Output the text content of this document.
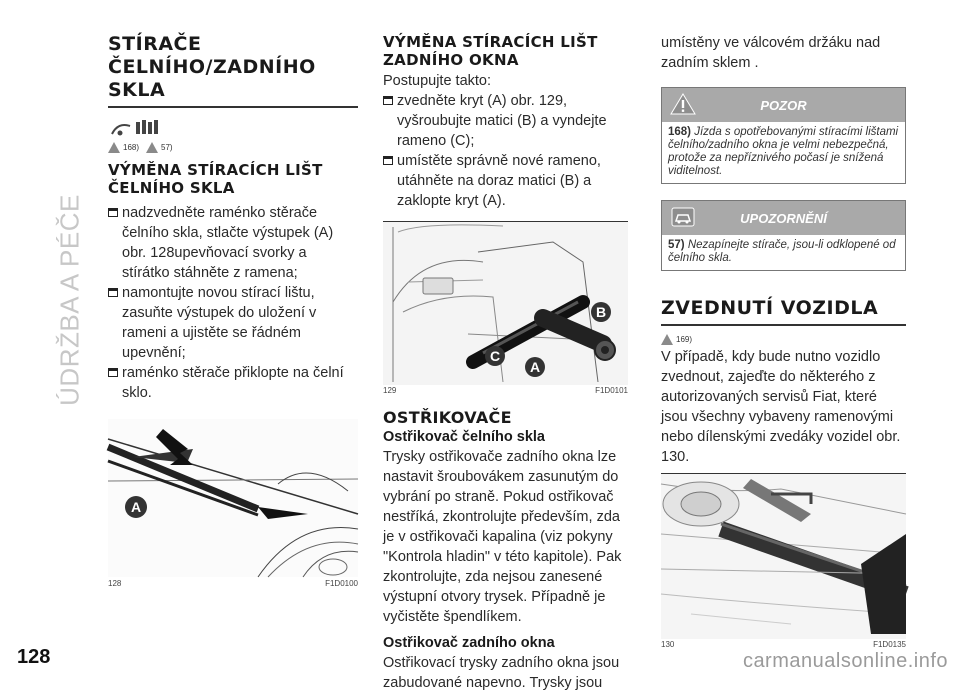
ÚDRŽBA A PÉČE
128	carmanualsonline.info
STÍRAČE ČELNÍHO/ZADNÍHO SKLA
168)	57)
VÝMĚNA STÍRACÍCH LIŠT ČELNÍHO SKLA
nadzvedněte raménko stěrače čelního skla, stlačte výstupek (A) obr. 128upevňovací svorky a stírátko stáhněte z ramena;
namontujte novou stírací lištu, zasuňte výstupek do uložení v rameni a ujistěte se řádném upevnění;
raménko stěrače přiklopte na čelní sklo.
A
128	F1D0100
VÝMĚNA STÍRACÍCH LIŠT ZADNÍHO OKNA

Postupujte takto:

zvedněte kryt (A) obr. 129, vyšroubujte matici (B) a vyndejte rameno (C);
umístěte správně nové rameno, utáhněte na doraz matici (B) a zaklopte kryt (A).
B
C
A
129	F1D0101
OSTŘIKOVAČE
Ostřikovač čelního skla

Trysky ostřikovače zadního okna lze nastavit šroubovákem zasunutým do vybrání po straně. Pokud ostřikovač nestříká, zkontrolujte především, zda je v ostřikovači kapalina (viz pokyny "Kontrola hladin" v této kapitole). Pak zkontrolujte, zda nejsou zanesené výstupní otvory trysek. Případně je vyčistěte špendlíkem.

Ostřikovač zadního okna

Ostřikovací trysky zadního okna jsou zabudované napevno. Trysky jsou

umístěny ve válcovém držáku nad zadním sklem .

POZOR
168) Jízda s opotřebovanými stíracími lištami čelního/zadního okna je velmi nebezpečná, protože za nepříznivého počasí je snížená viditelnost.
UPOZORNĚNÍ
57) Nezapínejte stírače, jsou-li odklopené od čelního skla.
ZVEDNUTÍ VOZIDLA
169)

V případě, kdy bude nutno vozidlo zvednout, zajeďte do některého z autorizovaných servisů Fiat, které jsou všechny vybaveny ramenovými nebo dílenskými zvedáky vozidel obr. 130.

130	F1D0135
